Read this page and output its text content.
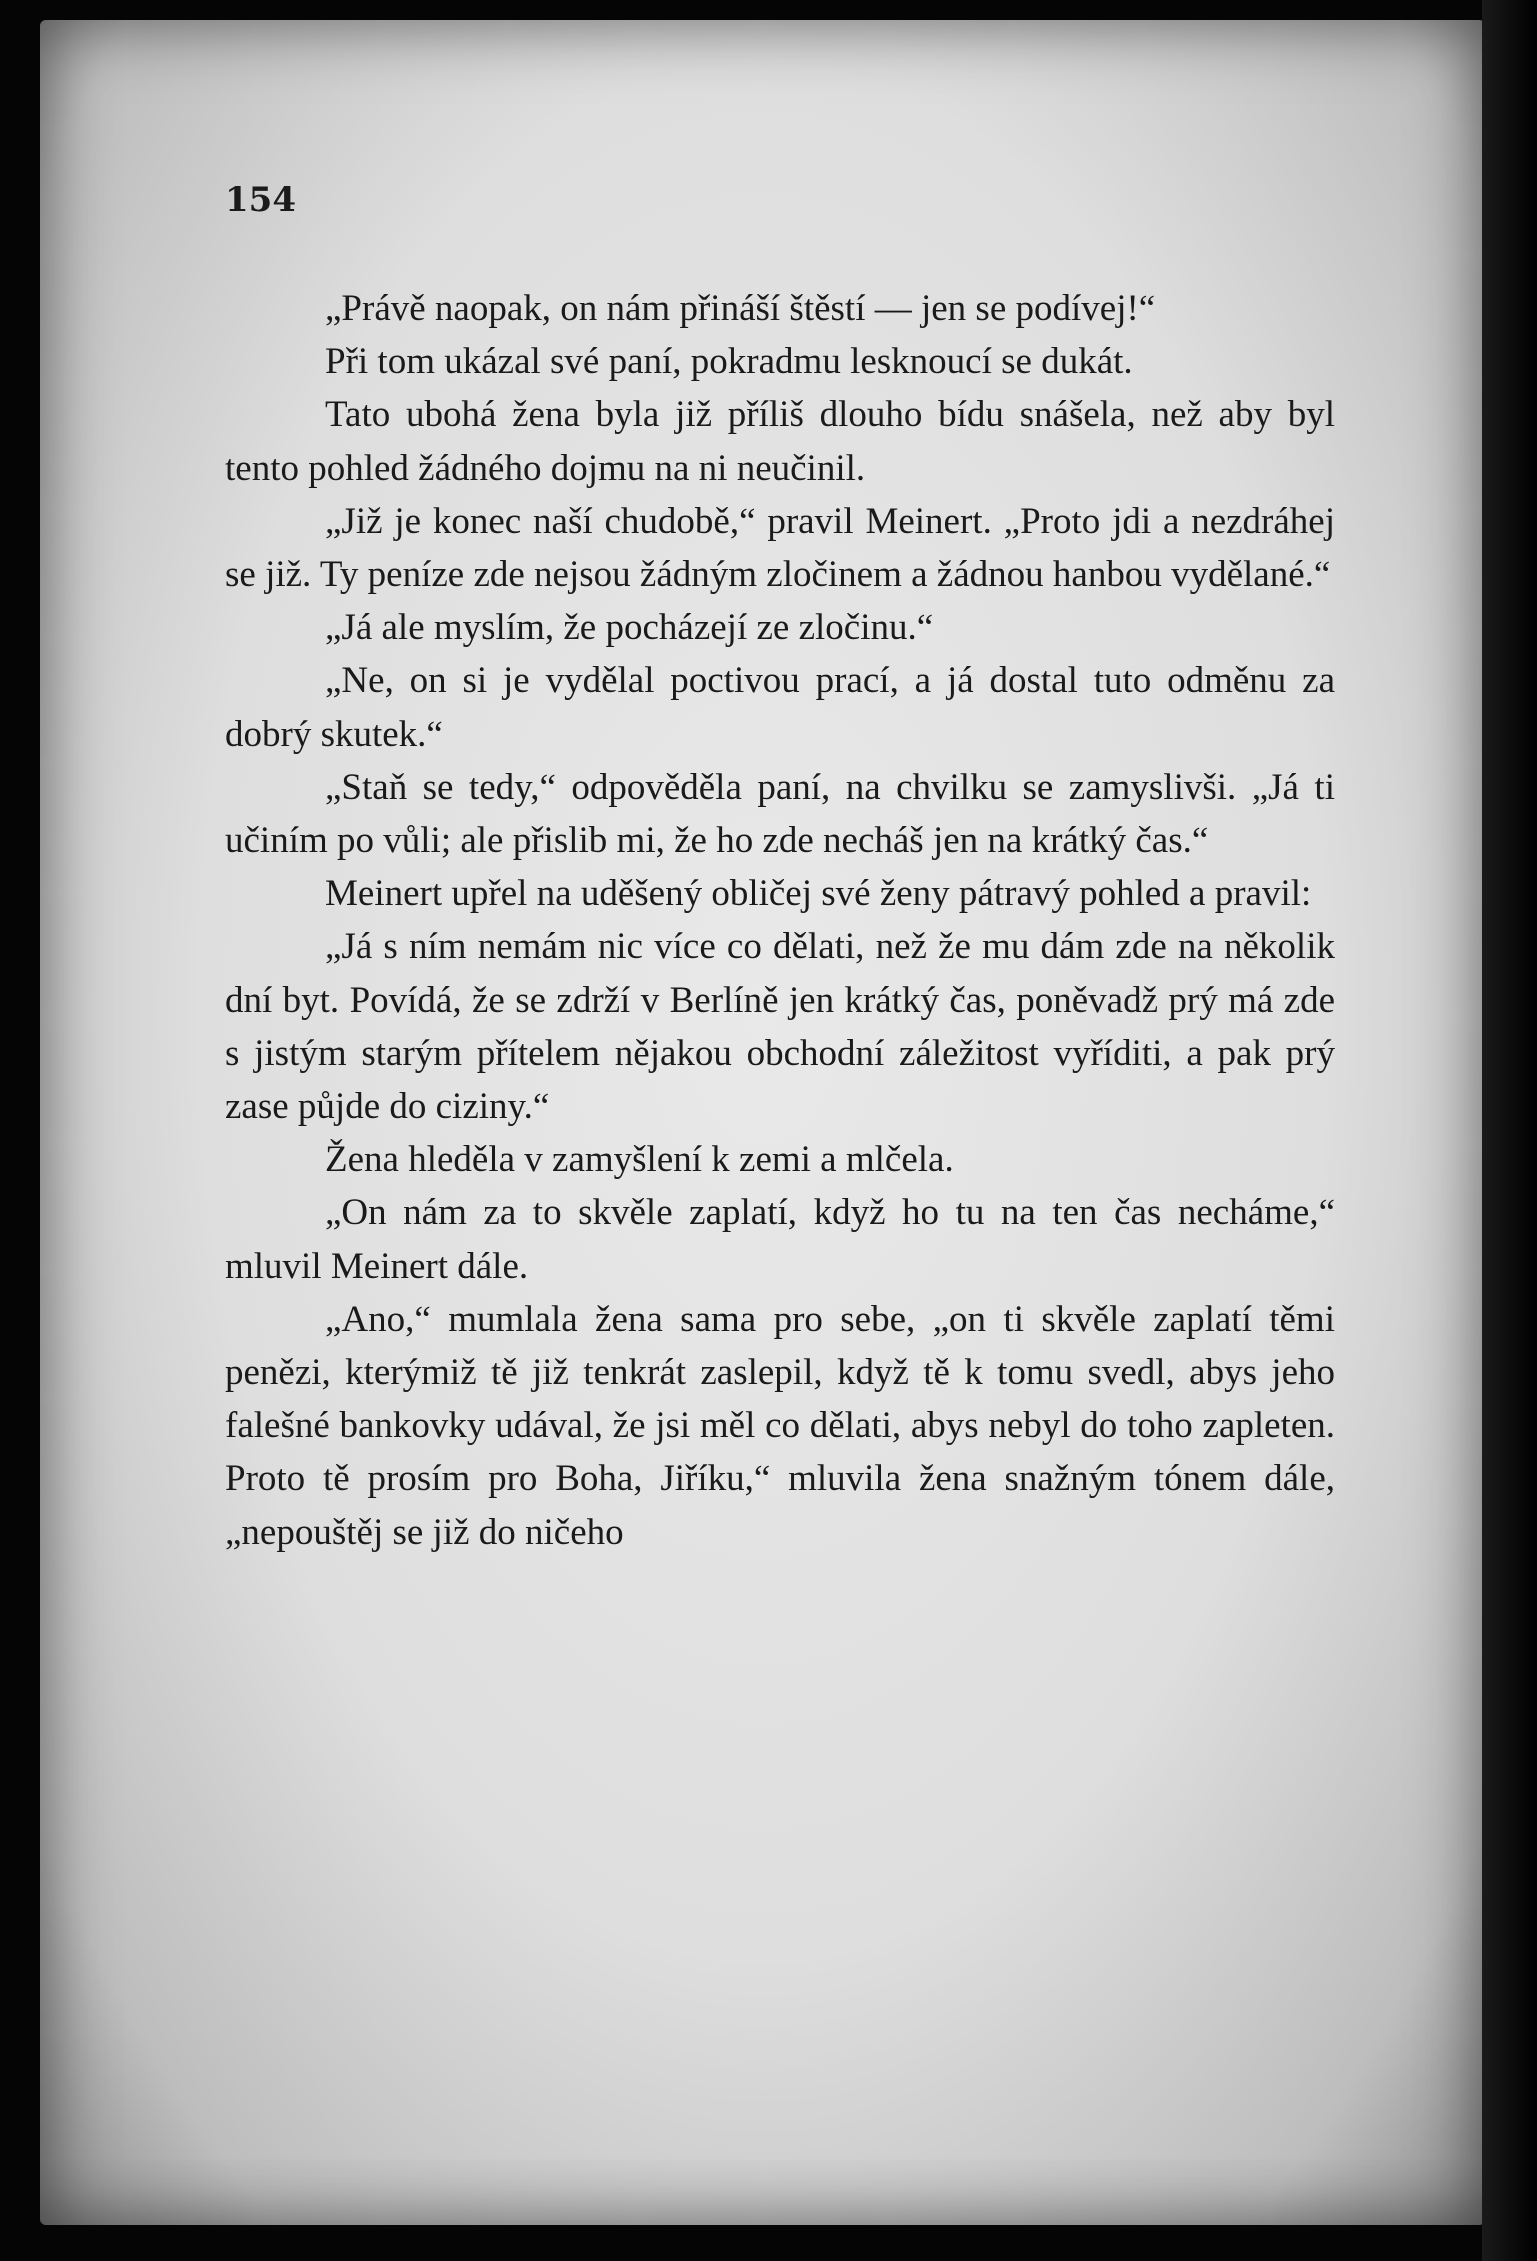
154

„Právě naopak, on nám přináší štěstí — jen se podívej!“

Při tom ukázal své paní, pokradmu lesknoucí se dukát.

Tato ubohá žena byla již příliš dlouho bídu snášela, než aby byl tento pohled žádného dojmu na ni neučinil.

„Již je konec naší chudobě,“ pravil Meinert. „Proto jdi a nezdráhej se již. Ty peníze zde nejsou žádným zločinem a žádnou hanbou vydělané.“

„Já ale myslím, že pocházejí ze zločinu.“

„Ne, on si je vydělal poctivou prací, a já dostal tuto odměnu za dobrý skutek.“

„Staň se tedy,“ odpověděla paní, na chvilku se zamyslivši. „Já ti učiním po vůli; ale přislib mi, že ho zde necháš jen na krátký čas.“

Meinert upřel na uděšený obličej své ženy pátravý pohled a pravil:

„Já s ním nemám nic více co dělati, než že mu dám zde na několik dní byt. Povídá, že se zdrží v Berlíně jen krátký čas, poněvadž prý má zde s jistým starým přítelem nějakou obchodní záležitost vyříditi, a pak prý zase půjde do ciziny.“

Žena hleděla v zamyšlení k zemi a mlčela.

„On nám za to skvěle zaplatí, když ho tu na ten čas necháme,“ mluvil Meinert dále.

„Ano,“ mumlala žena sama pro sebe, „on ti skvěle zaplatí těmi penězi, kterýmiž tě již tenkrát zaslepil, když tě k tomu svedl, abys jeho falešné bankovky udával, že jsi měl co dělati, abys nebyl do toho zapleten. Proto tě prosím pro Boha, Jiříku,“ mluvila žena snažným tónem dále, „nepouštěj se již do ničeho
